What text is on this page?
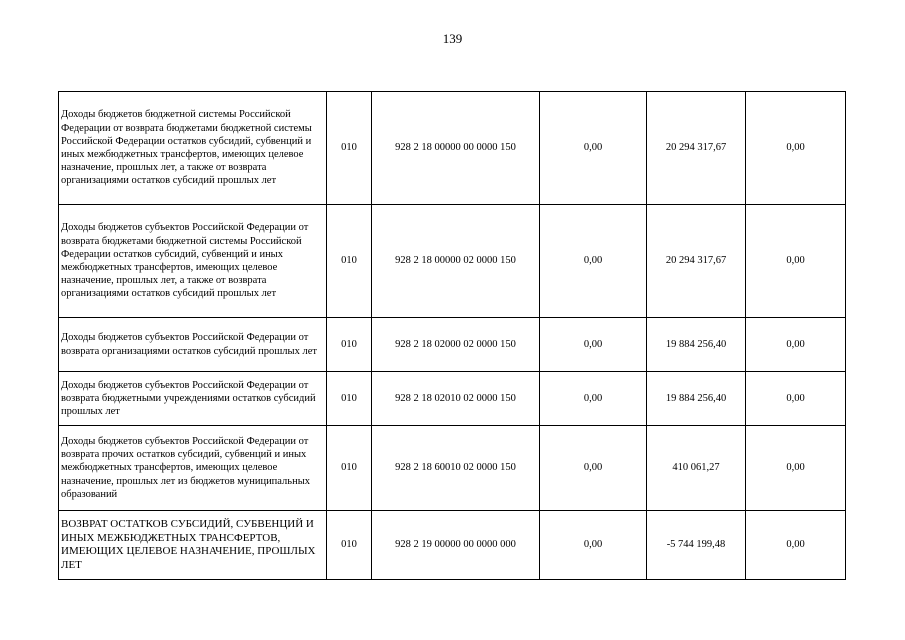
139
Доходы бюджетов бюджетной системы Российской Федерации от возврата бюджетами бюджетной системы Российской Федерации остатков субсидий, субвенций и иных межбюджетных трансфертов, имеющих целевое назначение, прошлых лет, а также от возврата организациями остатков субсидий прошлых лет	010	928 2 18 00000 00 0000 150	0,00	20 294 317,67	0,00
Доходы бюджетов субъектов Российской Федерации от возврата бюджетами бюджетной системы Российской Федерации остатков субсидий, субвенций и иных межбюджетных трансфертов, имеющих целевое назначение, прошлых лет, а также от возврата организациями остатков субсидий прошлых лет	010	928 2 18 00000 02 0000 150	0,00	20 294 317,67	0,00
Доходы бюджетов субъектов Российской Федерации от возврата организациями остатков субсидий прошлых лет	010	928 2 18 02000 02 0000 150	0,00	19 884 256,40	0,00
Доходы бюджетов субъектов Российской Федерации от возврата бюджетными учреждениями остатков субсидий прошлых лет	010	928 2 18 02010 02 0000 150	0,00	19 884 256,40	0,00
Доходы бюджетов субъектов Российской Федерации от возврата прочих остатков субсидий, субвенций и иных межбюджетных трансфертов, имеющих целевое назначение, прошлых лет из бюджетов муниципальных образований	010	928 2 18 60010 02 0000 150	0,00	410 061,27	0,00
ВОЗВРАТ ОСТАТКОВ СУБСИДИЙ, СУБВЕНЦИЙ И ИНЫХ МЕЖБЮДЖЕТНЫХ ТРАНСФЕРТОВ, ИМЕЮЩИХ ЦЕЛЕВОЕ НАЗНАЧЕНИЕ, ПРОШЛЫХ ЛЕТ	010	928 2 19 00000 00 0000 000	0,00	-5 744 199,48	0,00
